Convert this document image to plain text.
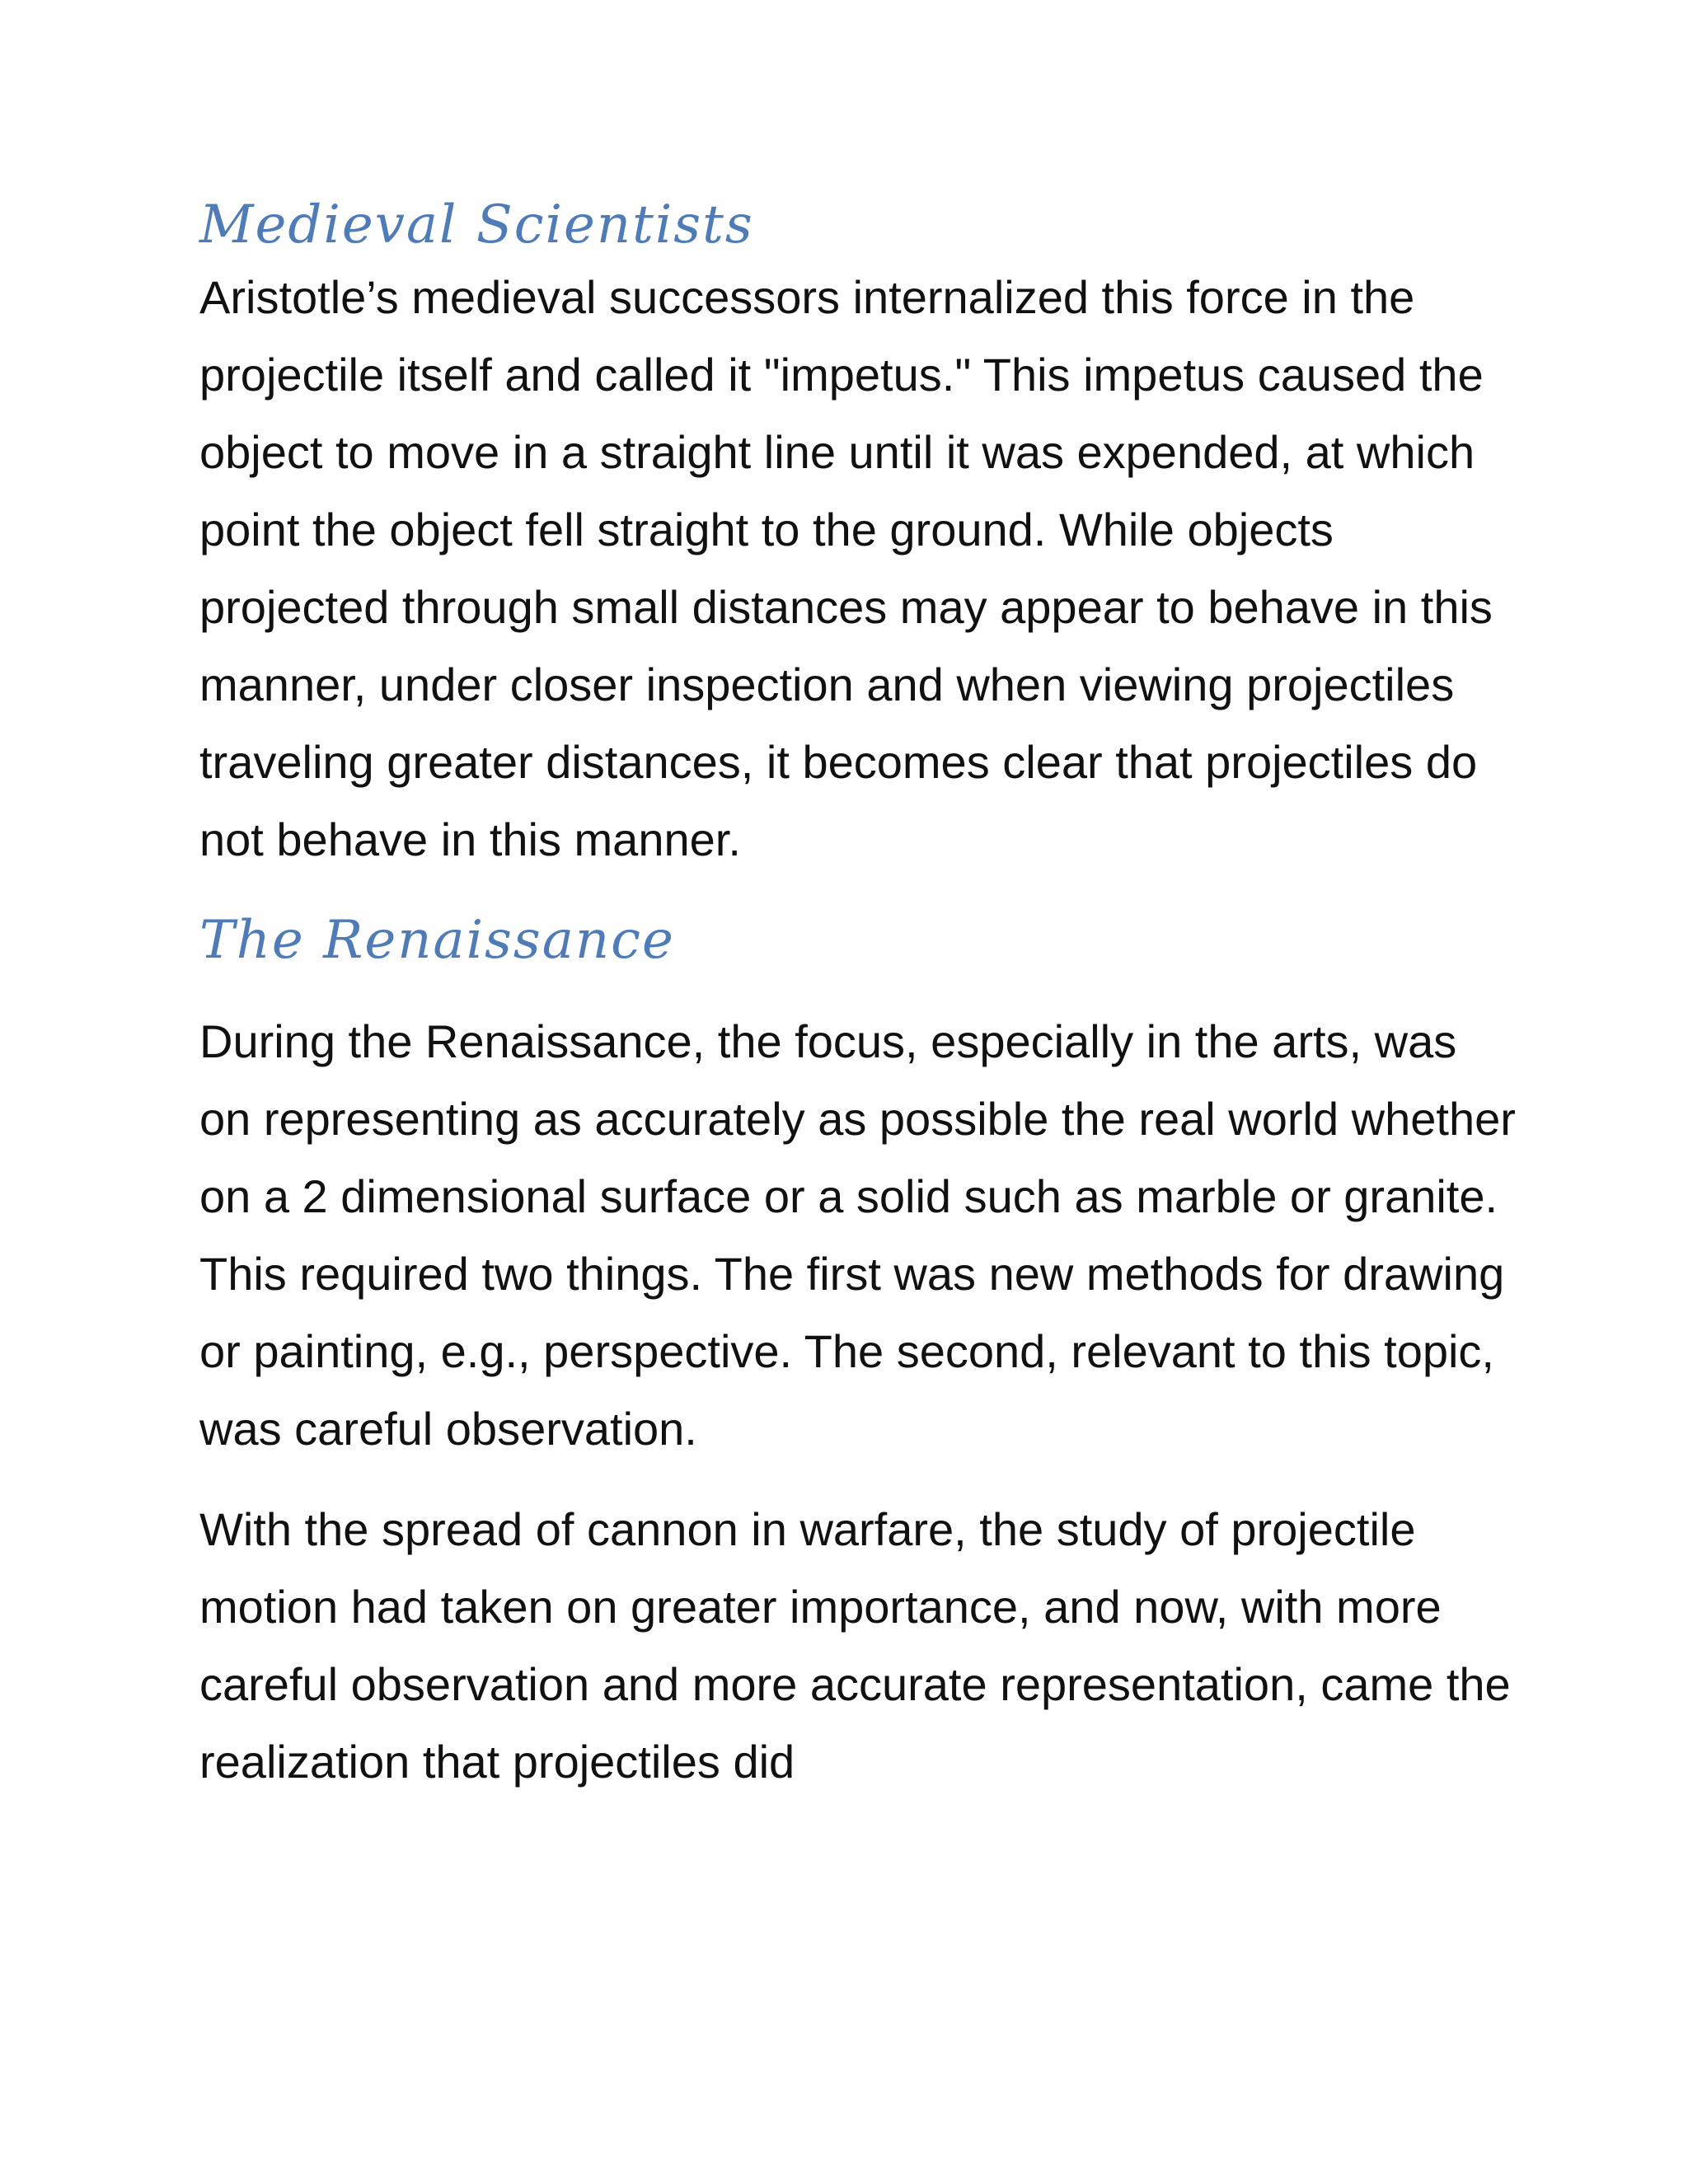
Medieval Scientists

Aristotle’s medieval successors internalized this force in the projectile itself and called it "impetus." This impetus caused the object to move in a straight line until it was expended, at which point the object fell straight to the ground. While objects projected through small distances may appear to behave in this manner, under closer inspection and when viewing projectiles traveling greater distances, it becomes clear that projectiles do not behave in this manner.

The Renaissance

During the Renaissance, the focus, especially in the arts, was on representing as accurately as possible the real world whether on a 2 dimensional surface or a solid such as marble or granite. This required two things. The first was new methods for drawing or painting, e.g., perspective. The second, relevant to this topic, was careful observation.

With the spread of cannon in warfare, the study of projectile motion had taken on greater importance, and now, with more careful observation and more accurate representation, came the realization that projectiles did
